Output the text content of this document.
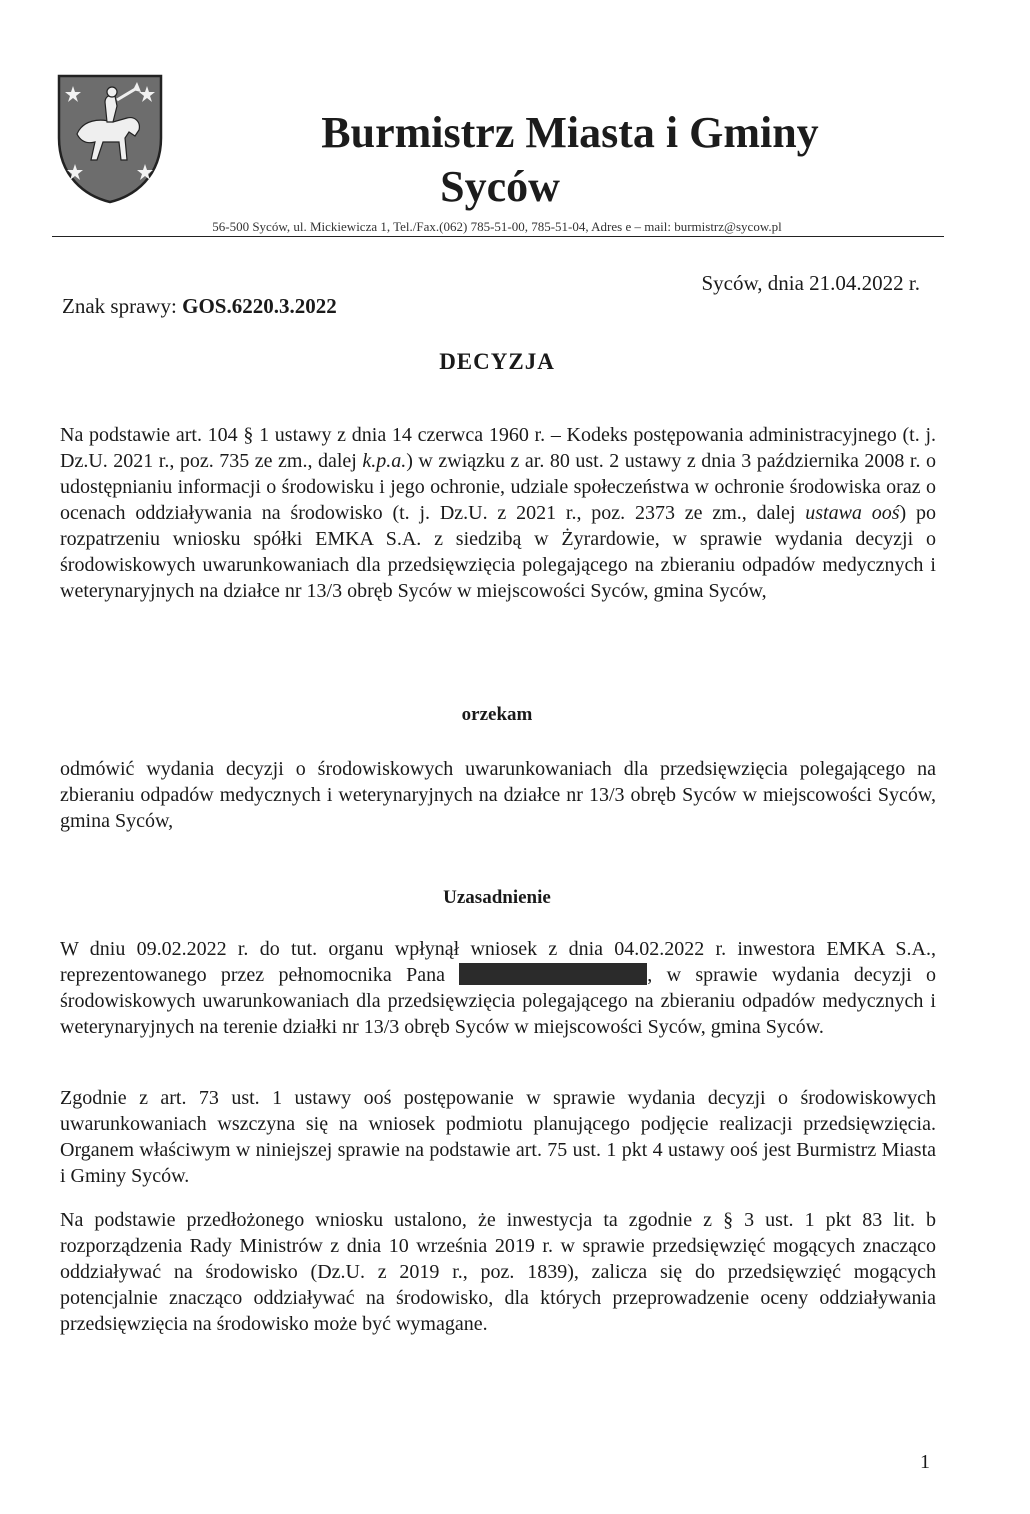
Burmistrz Miasta i Gminy
Syców
56-500 Syców, ul. Mickiewicza 1, Tel./Fax.(062) 785-51-00, 785-51-04, Adres e – mail: burmistrz@sycow.pl
Syców, dnia 21.04.2022 r.
Znak sprawy: GOS.6220.3.2022
DECYZJA
Na podstawie art. 104 § 1 ustawy z dnia 14 czerwca 1960 r. – Kodeks postępowania administracyjnego (t. j. Dz.U. 2021 r., poz. 735 ze zm., dalej k.p.a.) w związku z ar. 80 ust. 2 ustawy z dnia 3 października 2008 r. o udostępnianiu informacji o środowisku i jego ochronie, udziale społeczeństwa w ochronie środowiska oraz o ocenach oddziaływania na środowisko (t. j. Dz.U. z 2021 r., poz. 2373 ze zm., dalej ustawa ooś) po rozpatrzeniu wniosku spółki EMKA S.A. z siedzibą w Żyrardowie, w sprawie wydania decyzji o środowiskowych uwarunkowaniach dla przedsięwzięcia polegającego na zbieraniu odpadów medycznych i weterynaryjnych na działce nr 13/3 obręb Syców w miejscowości Syców, gmina Syców,
orzekam
odmówić wydania decyzji o środowiskowych uwarunkowaniach dla przedsięwzięcia polegającego na zbieraniu odpadów medycznych i weterynaryjnych na działce nr 13/3 obręb Syców w miejscowości Syców, gmina Syców,
Uzasadnienie
W dniu 09.02.2022 r. do tut. organu wpłynął wniosek z dnia 04.02.2022 r. inwestora EMKA S.A., reprezentowanego przez pełnomocnika Pana	, w sprawie wydania decyzji o środowiskowych uwarunkowaniach dla przedsięwzięcia polegającego na zbieraniu odpadów medycznych i weterynaryjnych na terenie działki nr 13/3 obręb Syców w miejscowości Syców, gmina Syców.
Zgodnie z art. 73 ust. 1 ustawy ooś postępowanie w sprawie wydania decyzji o środowiskowych uwarunkowaniach wszczyna się na wniosek podmiotu planującego podjęcie realizacji przedsięwzięcia. Organem właściwym w niniejszej sprawie na podstawie art. 75 ust. 1 pkt 4 ustawy ooś jest Burmistrz Miasta i Gminy Syców.
Na podstawie przedłożonego wniosku ustalono, że inwestycja ta zgodnie z § 3 ust. 1 pkt 83 lit. b rozporządzenia Rady Ministrów z dnia 10 września 2019 r. w sprawie przedsięwzięć mogących znacząco oddziaływać na środowisko (Dz.U. z 2019 r., poz. 1839), zalicza się do przedsięwzięć mogących potencjalnie znacząco oddziaływać na środowisko, dla których przeprowadzenie oceny oddziaływania przedsięwzięcia na środowisko może być wymagane.
1
